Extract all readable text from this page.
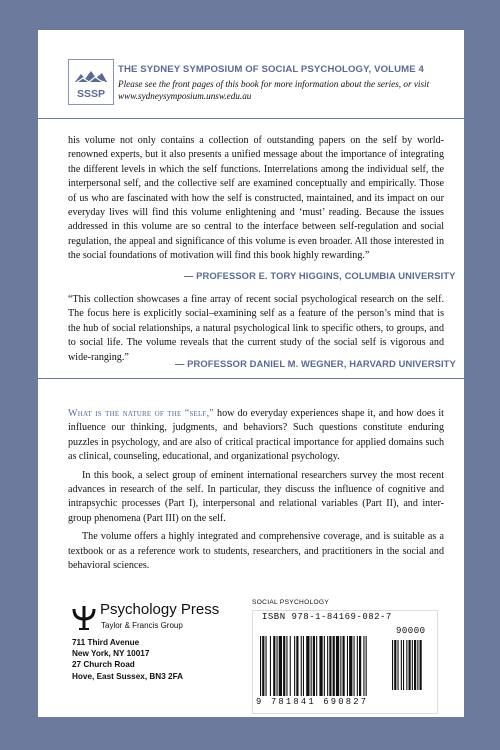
SSSP
THE SYDNEY SYMPOSIUM OF SOCIAL PSYCHOLOGY, VOLUME 4
Please see the front pages of this book for more information about the series, or visit www.sydneysymposium.unsw.edu.au
his volume not only contains a collection of outstanding papers on the self by world-renowned experts, but it also presents a unified message about the importance of integrating the different levels in which the self functions. Interrelations among the individual self, the interpersonal self, and the collective self are examined conceptually and empirically. Those of us who are fascinated with how the self is constructed, maintained, and its impact on our everyday lives will find this volume enlightening and ‘must’ reading. Because the issues addressed in this volume are so central to the interface between self-regulation and social regulation, the appeal and significance of this volume is even broader. All those interested in the social foundations of motivation will find this book highly rewarding.”
— PROFESSOR E. TORY HIGGINS, COLUMBIA UNIVERSITY
“This collection showcases a fine array of recent social psychological research on the self. The focus here is explicitly social–examining self as a feature of the person’s mind that is the hub of social relationships, a natural psychological link to specific others, to groups, and to social life. The volume reveals that the current study of the social self is vigorous and wide-ranging.”
— PROFESSOR DANIEL M. WEGNER, HARVARD UNIVERSITY

What is the nature of the “self,” how do everyday experiences shape it, and how does it influence our thinking, judgments, and behaviors? Such questions constitute enduring puzzles in psychology, and are also of critical practical importance for applied domains such as clinical, counseling, educational, and organizational psychology.

In this book, a select group of eminent international researchers survey the most recent advances in research of the self. In particular, they discuss the influence of cognitive and intrapsychic processes (Part I), interpersonal and relational variables (Part II), and inter-group phenomena (Part III) on the self.

The volume offers a highly integrated and comprehensive coverage, and is suitable as a textbook or as a reference work to students, researchers, and practitioners in the social and behavioral sciences.

Psychology Press
Taylor & Francis Group
711 Third Avenue
New York, NY 10017
27 Church Road
Hove, East Sussex, BN3 2FA
SOCIAL PSYCHOLOGY
ISBN 978-1-84169-082-7
90000
9 781841 690827
